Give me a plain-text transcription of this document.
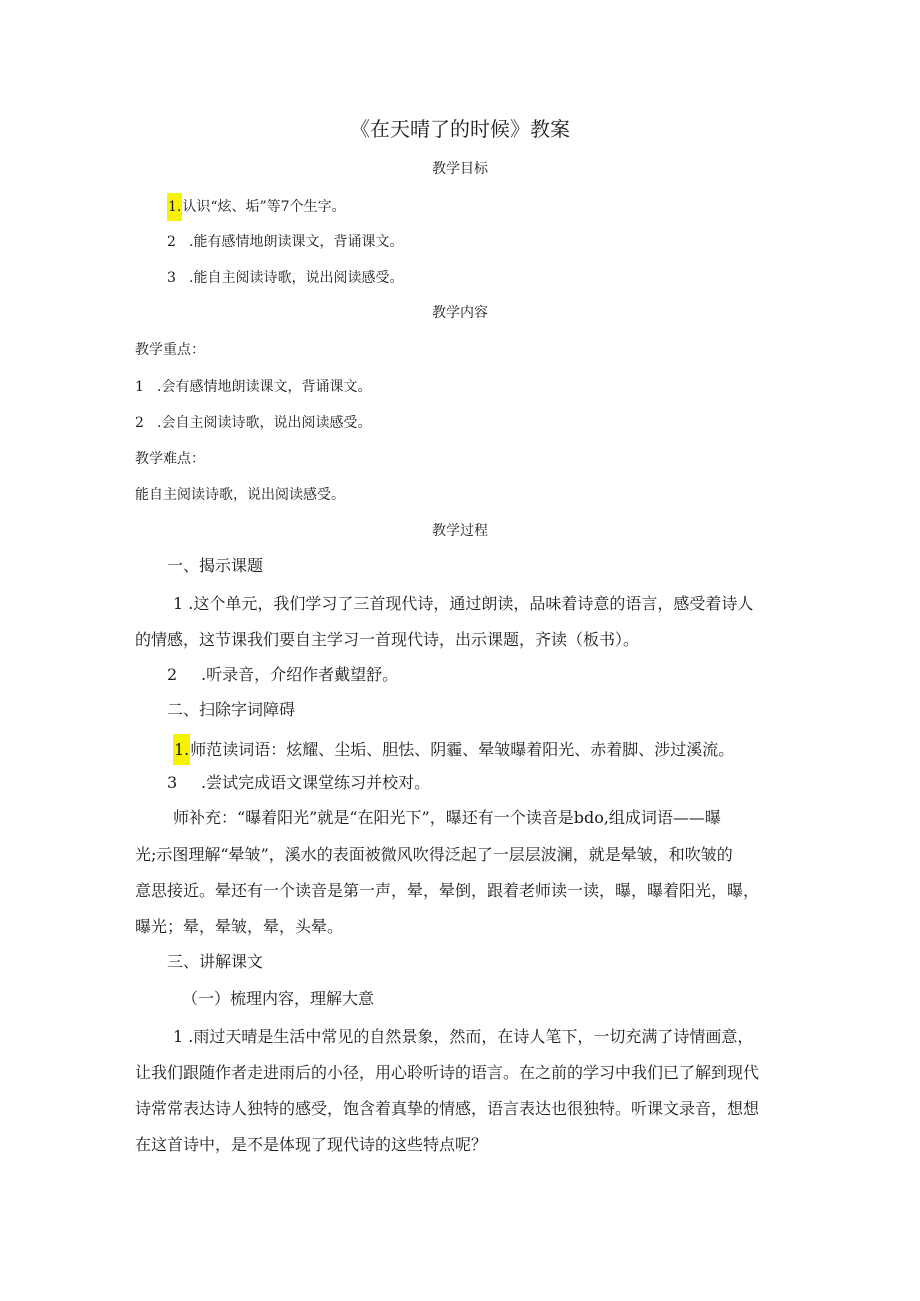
《在天晴了的时候》教案
教学目标
1.认识“炫、垢”等7个生字。
2 .能有感情地朗读课文，背诵课文。
3 .能自主阅读诗歌，说出阅读感受。
教学内容
教学重点：
1 .会有感情地朗读课文，背诵课文。
2 .会自主阅读诗歌，说出阅读感受。
教学难点：
能自主阅读诗歌，说出阅读感受。
教学过程
一、揭示课题
1 .这个单元，我们学习了三首现代诗，通过朗读，品味着诗意的语言，感受着诗人
的情感，这节课我们要自主学习一首现代诗，出示课题，齐读（板书）。
2 .听录音，介绍作者戴望舒。
二、扫除字词障碍
1.师范读词语：炫耀、尘垢、胆怯、阴霾、晕皱曝着阳光、赤着脚、涉过溪流。
3 .尝试完成语文课堂练习并校对。
师补充：“曝着阳光”就是“在阳光下”，曝还有一个读音是bdo,组成词语——曝
光;示图理解“晕皱”，溪水的表面被微风吹得泛起了一层层波澜，就是晕皱，和吹皱的
意思接近。晕还有一个读音是第一声，晕，晕倒，跟着老师读一读，曝，曝着阳光，曝，
曝光；晕，晕皱，晕，头晕。
三、讲解课文
（一）梳理内容，理解大意
1 .雨过天晴是生活中常见的自然景象，然而，在诗人笔下，一切充满了诗情画意，
让我们跟随作者走进雨后的小径，用心聆听诗的语言。在之前的学习中我们已了解到现代
诗常常表达诗人独特的感受，饱含着真挚的情感，语言表达也很独特。听课文录音，想想
在这首诗中，是不是体现了现代诗的这些特点呢？
